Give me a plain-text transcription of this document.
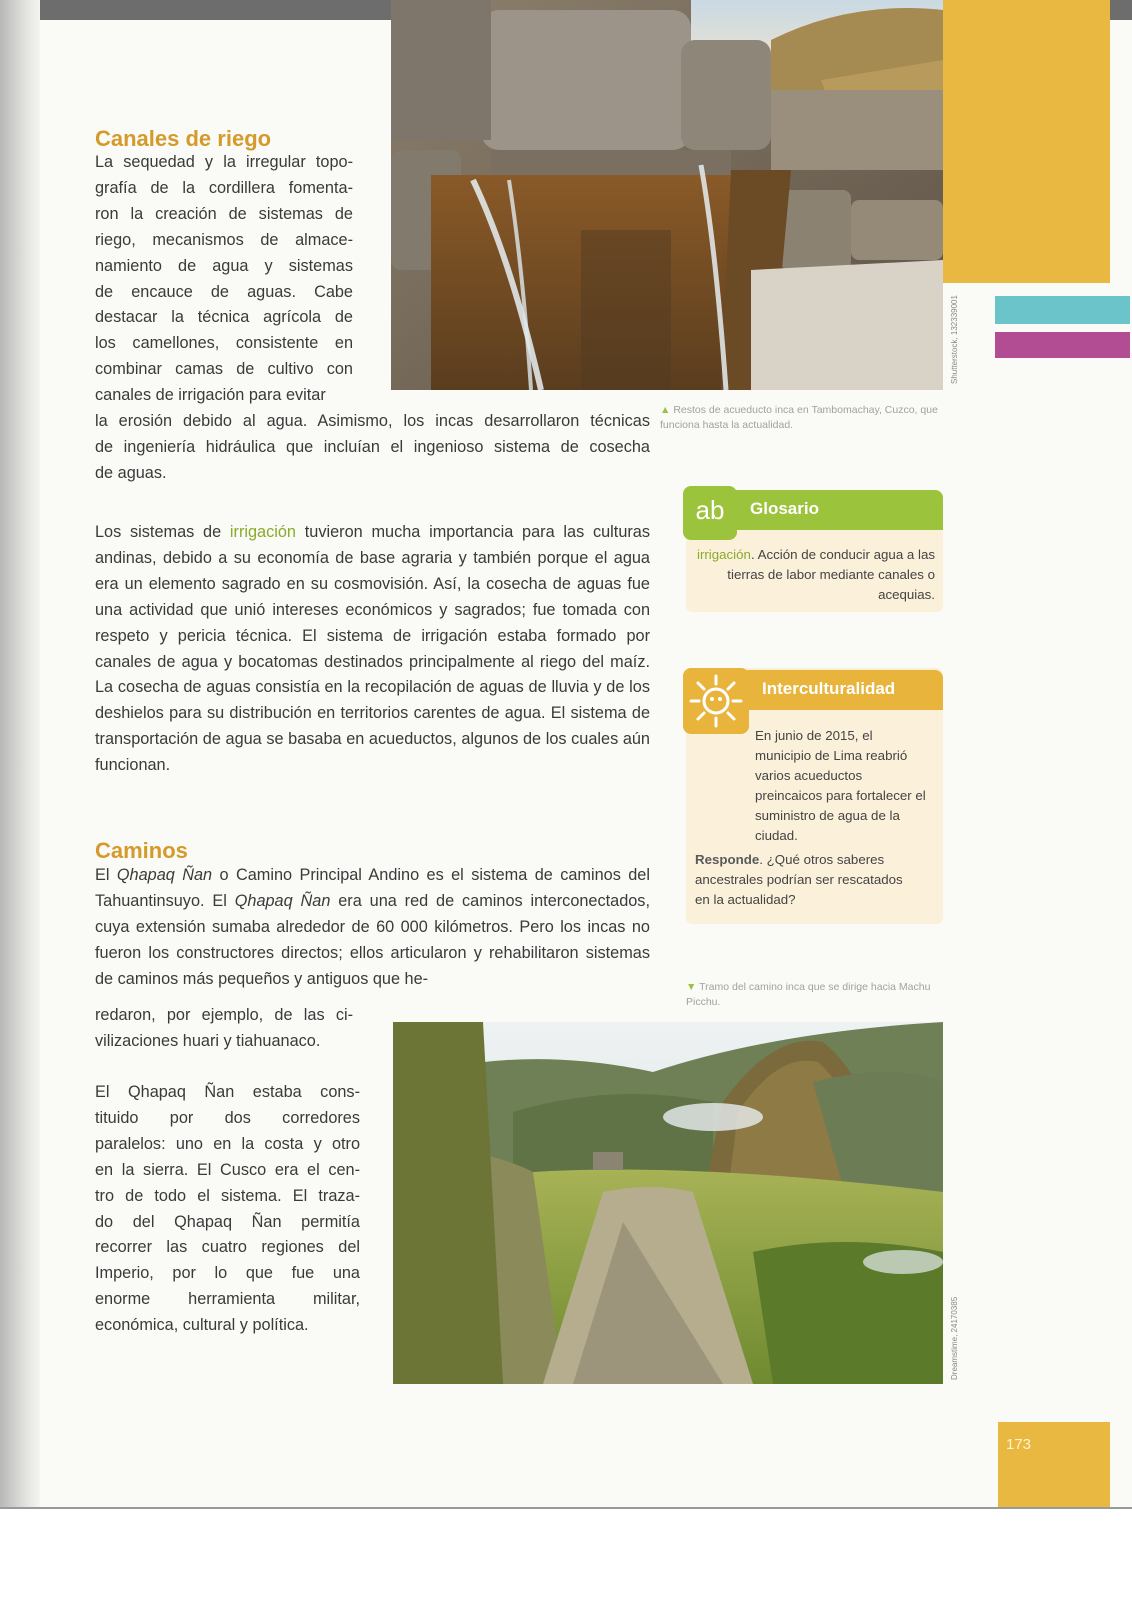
Shutterstock, 132339001
▲ Restos de acueducto inca en Tambomachay, Cuzco, que funciona hasta la actualidad.
Canales de riego
La sequedad y la irregular topo-
grafía de la cordillera fomenta-
ron la creación de sistemas de
riego, mecanismos de almace-
namiento de agua y sistemas
de encauce de aguas. Cabe
destacar la técnica agrícola de
los camellones, consistente en
combinar camas de cultivo con
canales de irrigación para evitar
la erosión debido al agua. Asimismo, los incas desarrollaron técnicas
de ingeniería hidráulica que incluían el ingenioso sistema de cosecha
de aguas.
Los sistemas de irrigación tuvieron mucha importancia para las culturas andinas, debido a su economía de base agraria y también porque el agua era un elemento sagrado en su cosmovisión. Así, la cosecha de aguas fue una actividad que unió intereses económicos y sagrados; fue tomada con respeto y pericia técnica. El sistema de irrigación estaba formado por canales de agua y bocatomas destinados principalmente al riego del maíz. La cosecha de aguas consistía en la recopilación de aguas de lluvia y de los deshielos para su distribución en territorios carentes de agua. El sistema de transportación de agua se basaba en acueductos, algunos de los cuales aún funcionan.
Caminos
El Qhapaq Ñan o Camino Principal Andino es el sistema de caminos del Tahuantinsuyo. El Qhapaq Ñan era una red de caminos interconectados, cuya extensión sumaba alrededor de 60 000 kilómetros. Pero los incas no fueron los constructores directos; ellos articularon y rehabilitaron sistemas de caminos más pequeños y antiguos que he-
redaron, por ejemplo, de las ci-
vilizaciones huari y tiahuanaco.
El Qhapaq Ñan estaba cons-
tituido por dos corredores
paralelos: uno en la costa y otro
en la sierra. El Cusco era el cen-
tro de todo el sistema. El traza-
do del Qhapaq Ñan permitía
recorrer las cuatro regiones del
Imperio, por lo que fue una
enorme herramienta militar,
económica, cultural y política.	Dreamstime, 24170385
▼ Tramo del camino inca que se dirige hacia Machu Picchu.
Glosario
ab
irrigación. Acción de conducir agua a las tierras de labor mediante canales o acequias.
Interculturalidad
En junio de 2015, el municipio de Lima reabrió varios acueductos preincaicos para fortalecer el suministro de agua de la ciudad.
Responde. ¿Qué otros saberes ancestrales podrían ser rescatados en la actualidad?
173
